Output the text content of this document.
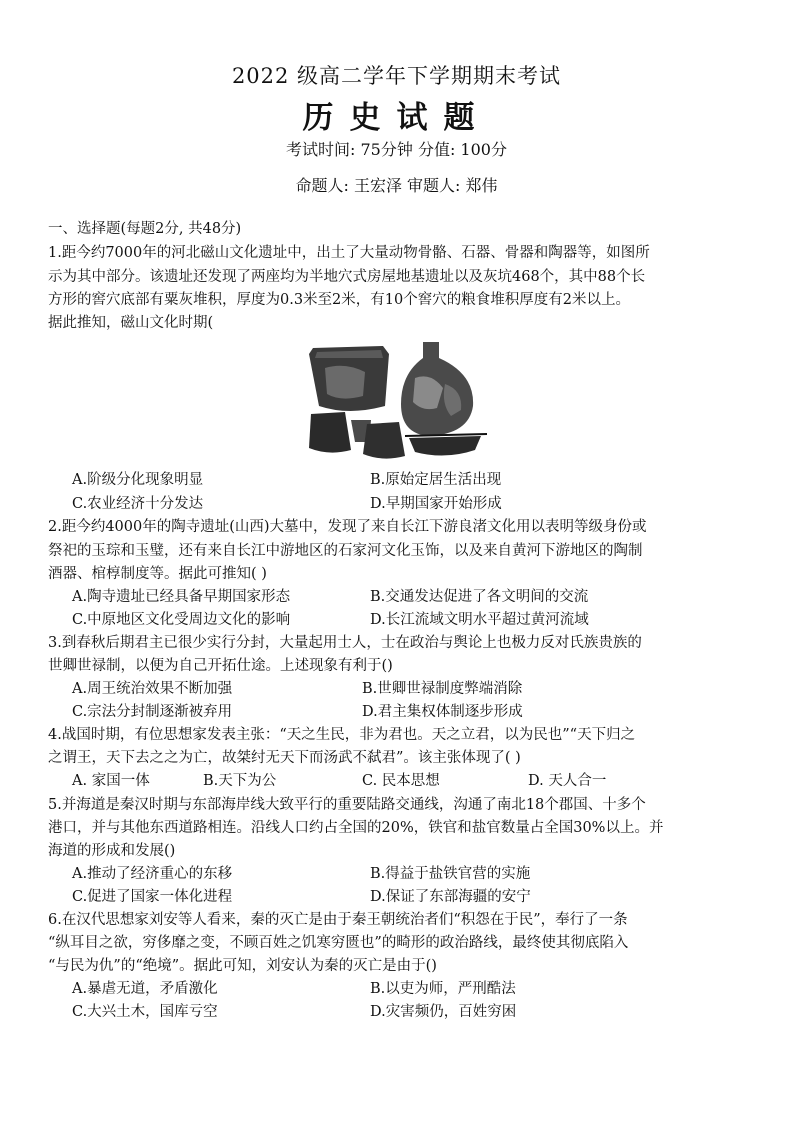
2022 级高二学年下学期期末考试
历史试题
考试时间: 75分钟 分值: 100分
命题人: 王宏泽 审题人: 郑伟
一、选择题(每题2分, 共48分)
1.距今约7000年的河北磁山文化遗址中，出土了大量动物骨骼、石器、骨器和陶器等，如图所
示为其中部分。该遗址还发现了两座均为半地穴式房屋地基遗址以及灰坑468个，其中88个长
方形的窖穴底部有粟灰堆积，厚度为0.3米至2米，有10个窖穴的粮食堆积厚度有2米以上。
据此推知，磁山文化时期(
A.阶级分化现象明显	B.原始定居生活出现
C.农业经济十分发达	D.早期国家开始形成
2.距今约4000年的陶寺遗址(山西)大墓中，发现了来自长江下游良渚文化用以表明等级身份或
祭祀的玉琮和玉璧，还有来自长江中游地区的石家河文化玉饰，以及来自黄河下游地区的陶制
酒器、棺椁制度等。据此可推知( )
A.陶寺遗址已经具备早期国家形态	B.交通发达促进了各文明间的交流
C.中原地区文化受周边文化的影响	D.长江流域文明水平超过黄河流域
3.到春秋后期君主已很少实行分封，大量起用士人，士在政治与舆论上也极力反对氏族贵族的
世卿世禄制，以便为自己开拓仕途。上述现象有利于()
A.周王统治效果不断加强	B.世卿世禄制度弊端消除
C.宗法分封制逐渐被弃用	D.君主集权体制逐步形成
4.战国时期，有位思想家发表主张：“天之生民，非为君也。天之立君，以为民也”“天下归之
之谓王，天下去之之为亡，故桀纣无天下而汤武不弑君”。该主张体现了( )
A. 家国一体	B.天下为公	C. 民本思想	D. 天人合一
5.并海道是秦汉时期与东部海岸线大致平行的重要陆路交通线，沟通了南北18个郡国、十多个
港口，并与其他东西道路相连。沿线人口约占全国的20%，铁官和盐官数量占全国30%以上。并
海道的形成和发展()
A.推动了经济重心的东移	B.得益于盐铁官营的实施
C.促进了国家一体化进程	D.保证了东部海疆的安宁
6.在汉代思想家刘安等人看来，秦的灭亡是由于秦王朝统治者们“积怨在于民”，奉行了一条
“纵耳目之欲，穷侈靡之变，不顾百姓之饥寒穷匮也”的畸形的政治路线，最终使其彻底陷入
“与民为仇”的“绝境”。据此可知，刘安认为秦的灭亡是由于()
A.暴虐无道，矛盾激化	B.以吏为师，严刑酷法
C.大兴土木，国库亏空	D.灾害频仍，百姓穷困
